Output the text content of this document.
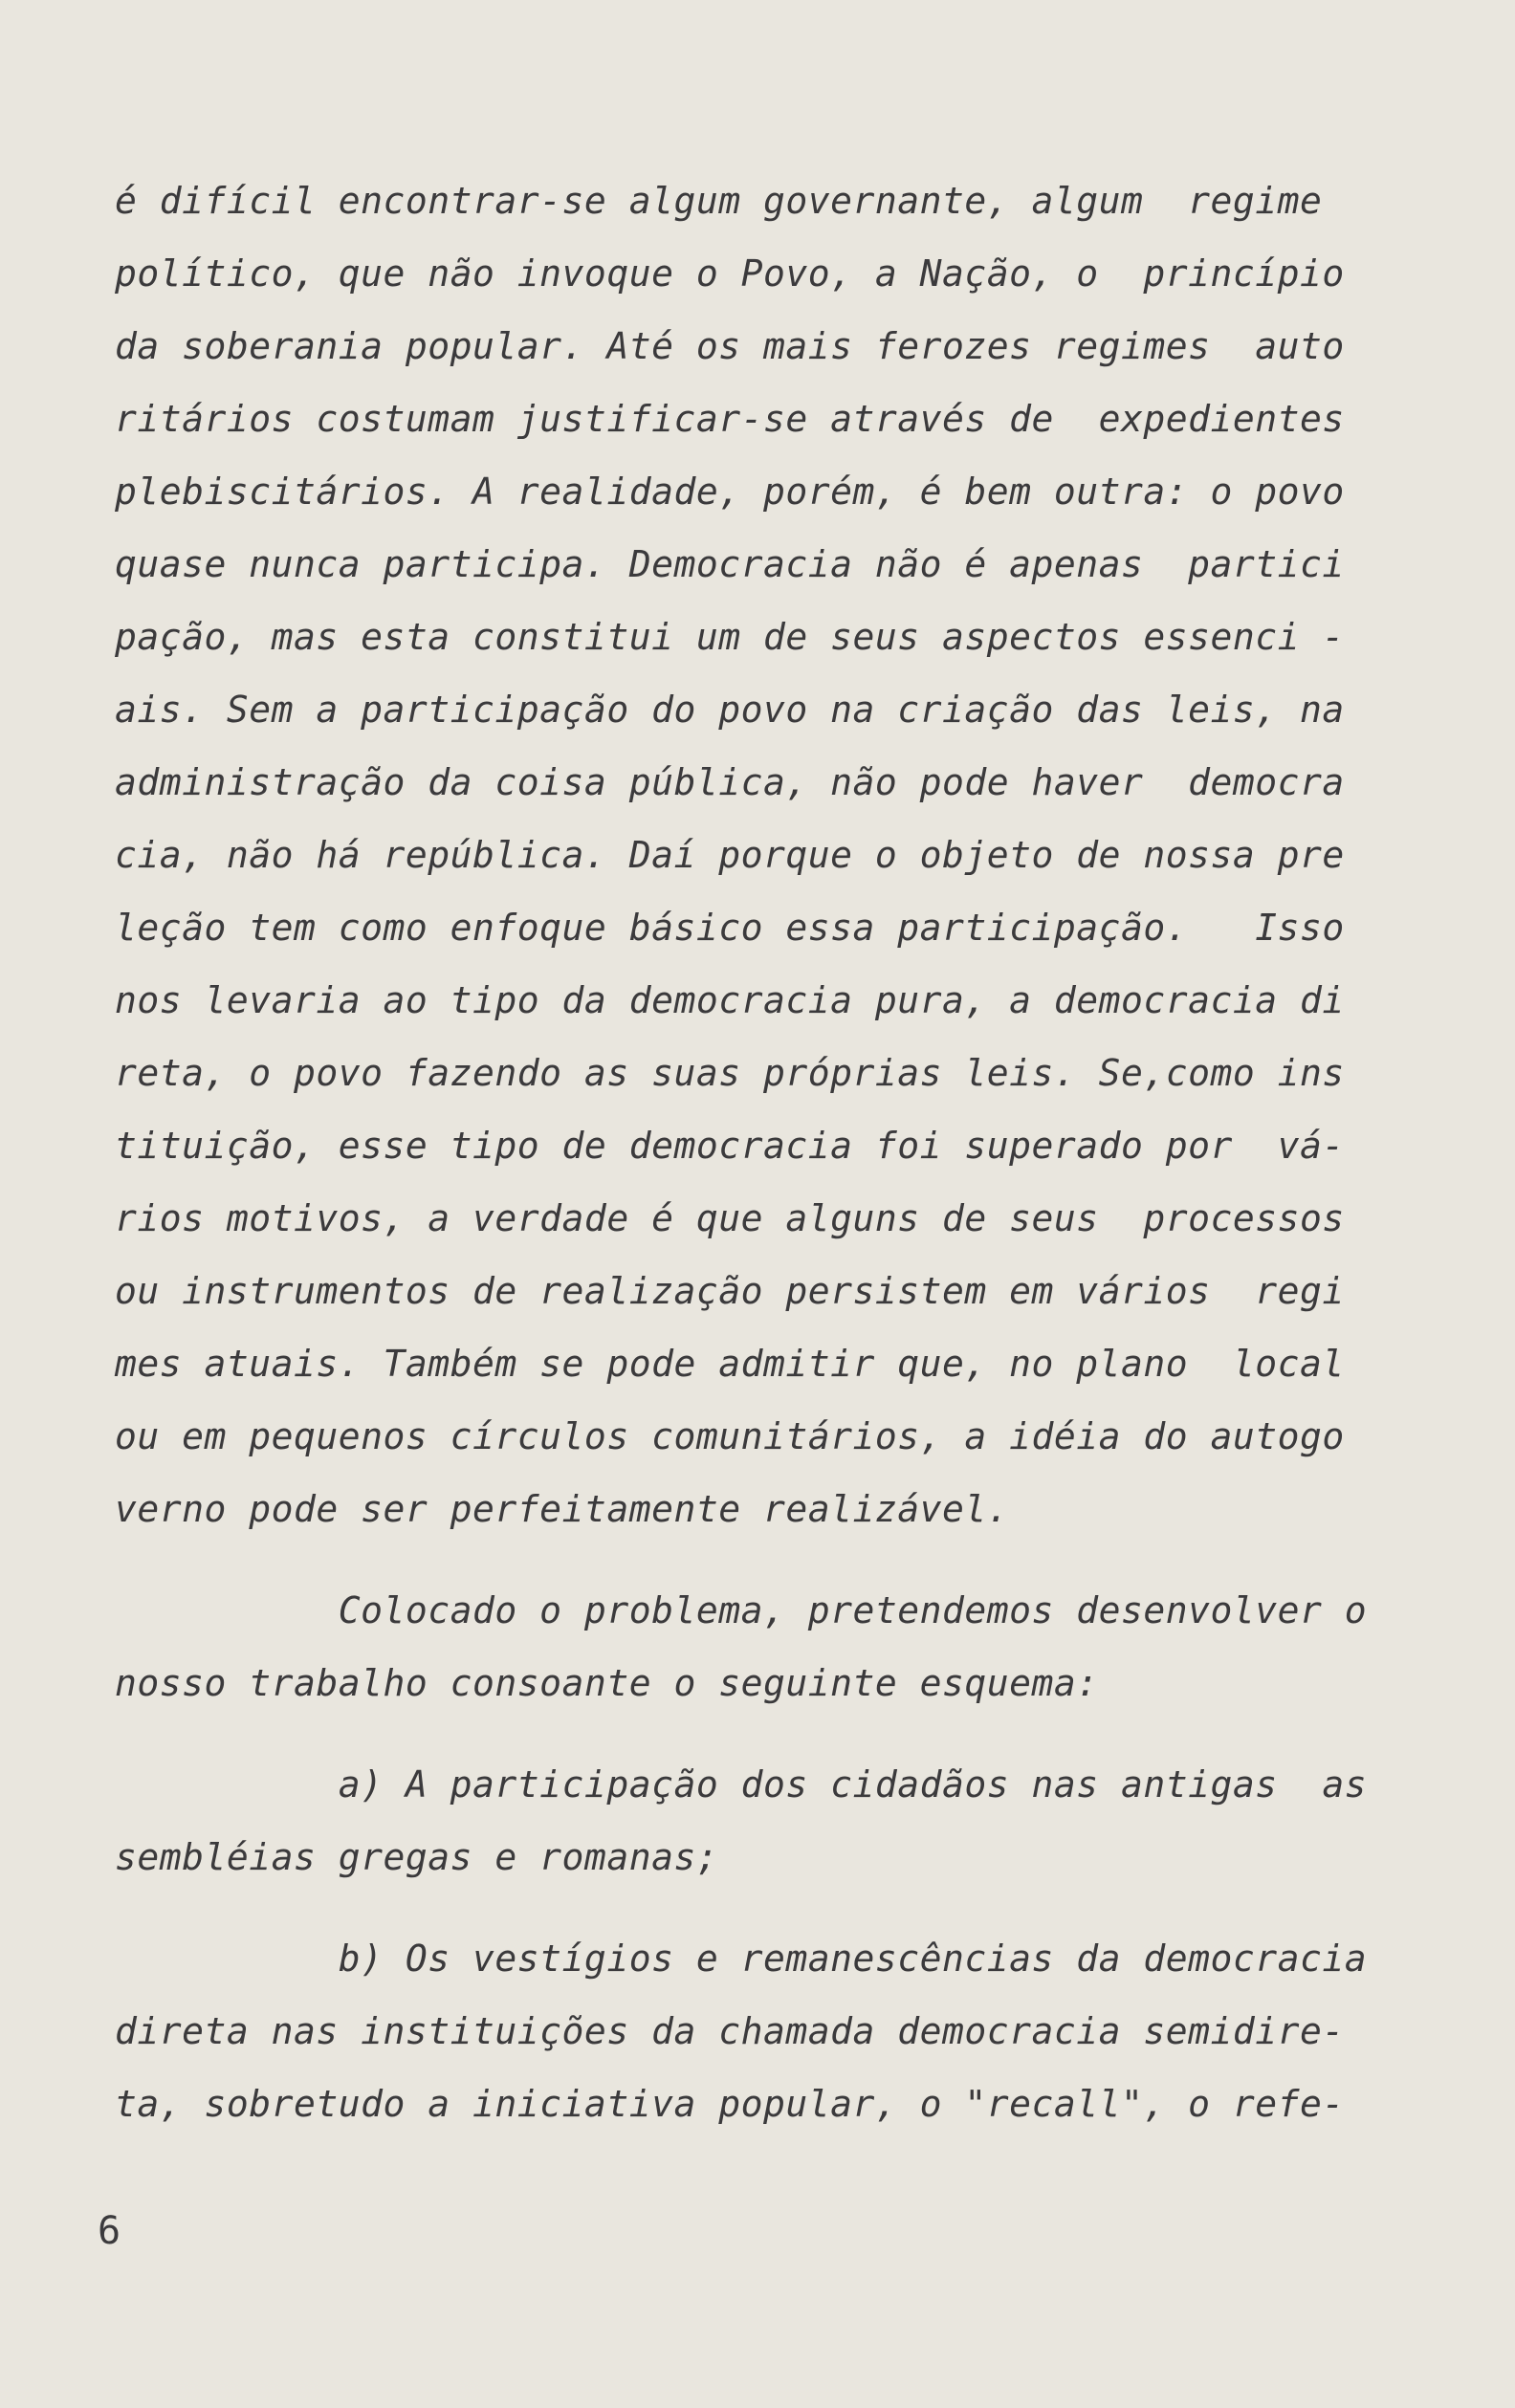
é difícil encontrar-se algum governante, algum  regime
político, que não invoque o Povo, a Nação, o  princípio
da soberania popular. Até os mais ferozes regimes  auto
ritários costumam justificar-se através de  expedientes
plebiscitários. A realidade, porém, é bem outra: o povo
quase nunca participa. Democracia não é apenas  partici
pação, mas esta constitui um de seus aspectos essenci -
ais. Sem a participação do povo na criação das leis, na
administração da coisa pública, não pode haver  democra
cia, não há república. Daí porque o objeto de nossa pre
leção tem como enfoque básico essa participação.   Isso
nos levaria ao tipo da democracia pura, a democracia di
reta, o povo fazendo as suas próprias leis. Se,como ins
tituição, esse tipo de democracia foi superado por  vá-
rios motivos, a verdade é que alguns de seus  processos
ou instrumentos de realização persistem em vários  regi
mes atuais. Também se pode admitir que, no plano  local
ou em pequenos círculos comunitários, a idéia do autogo
verno pode ser perfeitamente realizável.
Colocado o problema, pretendemos desenvolver o
nosso trabalho consoante o seguinte esquema:
a) A participação dos cidadãos nas antigas  as
sembléias gregas e romanas;
b) Os vestígios e remanescências da democracia
direta nas instituições da chamada democracia semidire-
ta, sobretudo a iniciativa popular, o "recall", o refe-
6
